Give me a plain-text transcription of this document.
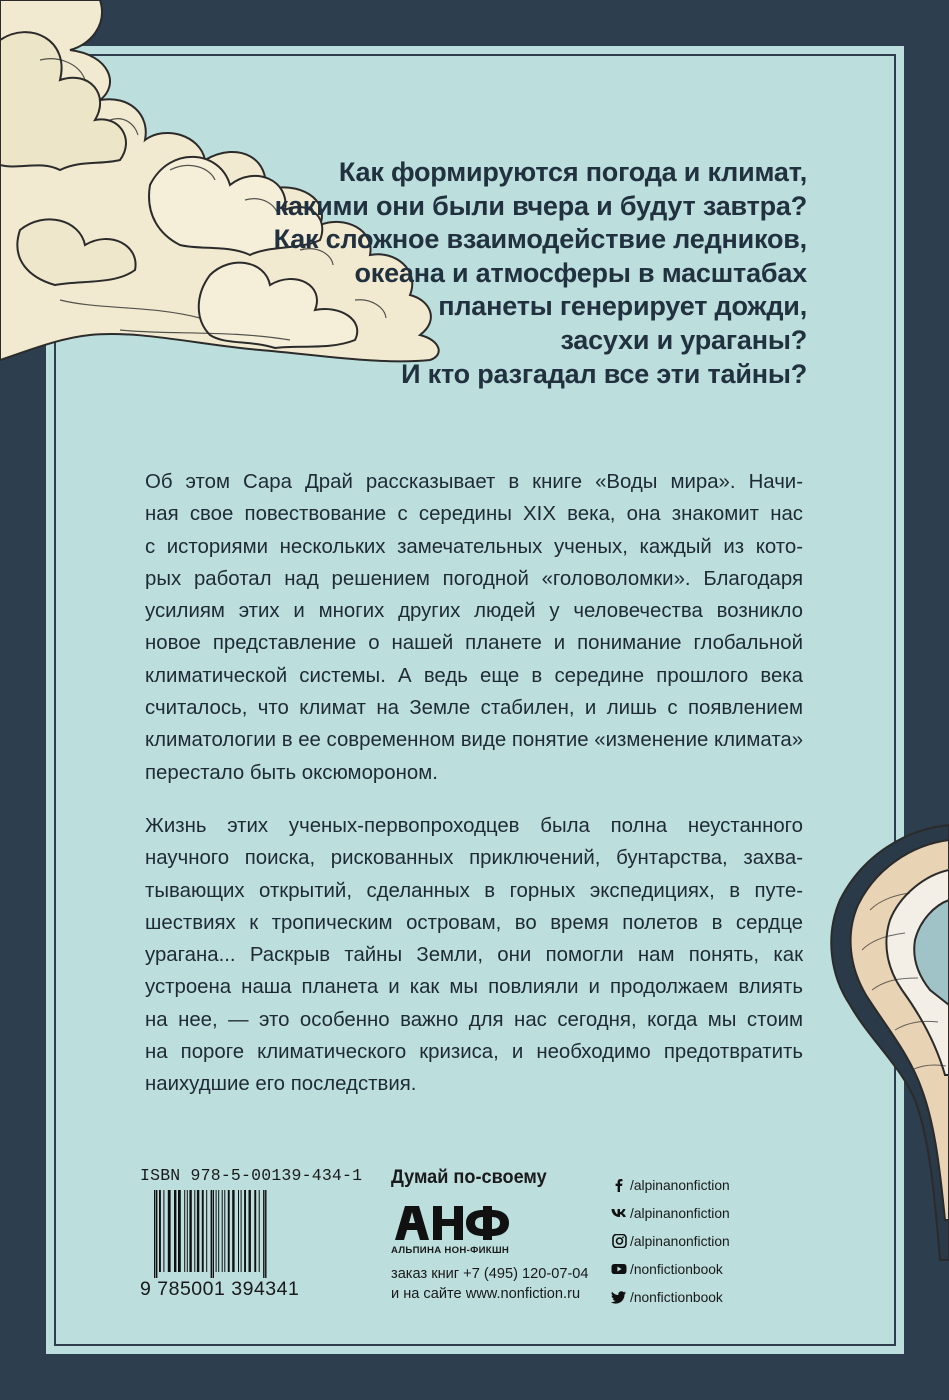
Как формируются погода и климат,
какими они были вчера и будут завтра?
Как сложное взаимодействие ледников,
океана и атмосферы в масштабах
планеты генерирует дожди,
засухи и ураганы?
И кто разгадал все эти тайны?

Об этом Сара Драй рассказывает в книге «Воды мира». Начи-
ная свое повествование с середины XIX века, она знакомит нас
с историями нескольких замечательных ученых, каждый из кото-
рых работал над решением погодной «головоломки». Благодаря
усилиям этих и многих других людей у человечества возникло
новое представление о нашей планете и понимание глобальной
климатической системы. А ведь еще в середине прошлого века
считалось, что климат на Земле стабилен, и лишь с появлением
климатологии в ее современном виде понятие «изменение климата»
перестало быть оксюмороном.

Жизнь этих ученых-первопроходцев была полна неустанного
научного поиска, рискованных приключений, бунтарства, захва-
тывающих открытий, сделанных в горных экспедициях, в путе-
шествиях к тропическим островам, во время полетов в сердце
урагана... Раскрыв тайны Земли, они помогли нам понять, как
устроена наша планета и как мы повлияли и продолжаем влиять
на нее, — это особенно важно для нас сегодня, когда мы стоим
на пороге климатического кризиса, и необходимо предотвратить
наихудшие его последствия.

ISBN 978-5-00139-434-1
9 785001 394341

Думай по-своему

АЛЬПИНА НОН-ФИКШН
заказ книг +7 (495) 120-07-04
и на сайте www.nonfiction.ru
/alpinanonfiction
/alpinanonfiction
/alpinanonfiction
/nonfictionbook
/nonfictionbook
